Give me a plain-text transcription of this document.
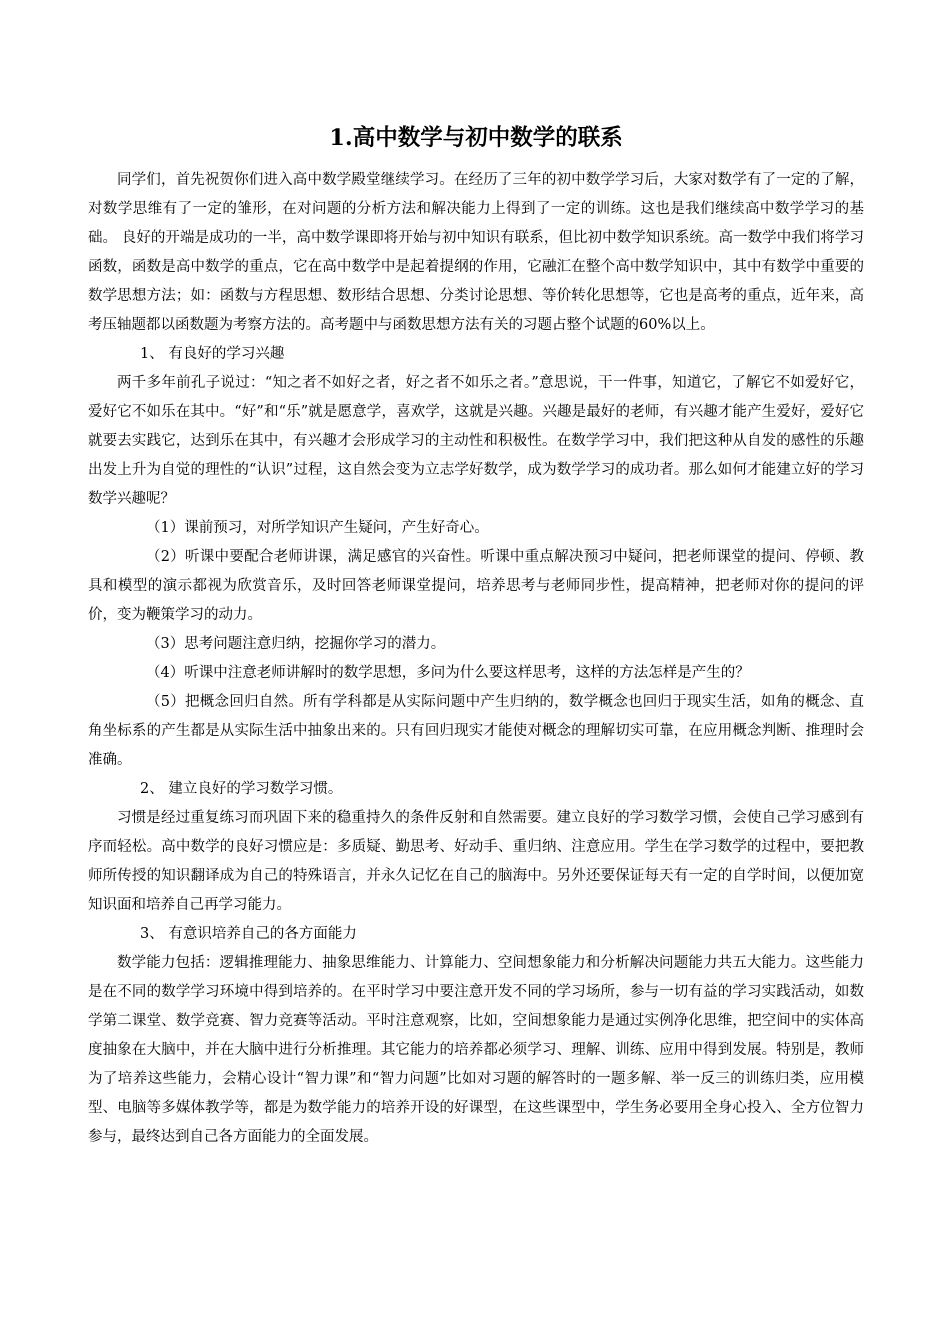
1.高中数学与初中数学的联系

同学们，首先祝贺你们进入高中数学殿堂继续学习。在经历了三年的初中数学学习后，大家对数学有了一定的了解，对数学思维有了一定的雏形，在对问题的分析方法和解决能力上得到了一定的训练。这也是我们继续高中数学学习的基础。 良好的开端是成功的一半，高中数学课即将开始与初中知识有联系，但比初中数学知识系统。高一数学中我们将学习函数，函数是高中数学的重点，它在高中数学中是起着提纲的作用，它融汇在整个高中数学知识中，其中有数学中重要的数学思想方法；如：函数与方程思想、数形结合思想、分类讨论思想、等价转化思想等，它也是高考的重点，近年来，高考压轴题都以函数题为考察方法的。高考题中与函数思想方法有关的习题占整个试题的60%以上。

1、 有良好的学习兴趣

两千多年前孔子说过：“知之者不如好之者，好之者不如乐之者。”意思说，干一件事，知道它，了解它不如爱好它，爱好它不如乐在其中。“好”和“乐”就是愿意学，喜欢学，这就是兴趣。兴趣是最好的老师，有兴趣才能产生爱好，爱好它就要去实践它，达到乐在其中，有兴趣才会形成学习的主动性和积极性。在数学学习中，我们把这种从自发的感性的乐趣出发上升为自觉的理性的“认识”过程，这自然会变为立志学好数学，成为数学学习的成功者。那么如何才能建立好的学习数学兴趣呢？

（1）课前预习，对所学知识产生疑问，产生好奇心。

（2）听课中要配合老师讲课，满足感官的兴奋性。听课中重点解决预习中疑问，把老师课堂的提问、停顿、教具和模型的演示都视为欣赏音乐，及时回答老师课堂提问，培养思考与老师同步性，提高精神，把老师对你的提问的评价，变为鞭策学习的动力。

（3）思考问题注意归纳，挖掘你学习的潜力。

（4）听课中注意老师讲解时的数学思想，多问为什么要这样思考，这样的方法怎样是产生的？

（5）把概念回归自然。所有学科都是从实际问题中产生归纳的，数学概念也回归于现实生活，如角的概念、直角坐标系的产生都是从实际生活中抽象出来的。只有回归现实才能使对概念的理解切实可靠，在应用概念判断、推理时会准确。

2、 建立良好的学习数学习惯。

习惯是经过重复练习而巩固下来的稳重持久的条件反射和自然需要。建立良好的学习数学习惯，会使自己学习感到有序而轻松。高中数学的良好习惯应是：多质疑、勤思考、好动手、重归纳、注意应用。学生在学习数学的过程中，要把教师所传授的知识翻译成为自己的特殊语言，并永久记忆在自己的脑海中。另外还要保证每天有一定的自学时间，以便加宽知识面和培养自己再学习能力。

3、 有意识培养自己的各方面能力

数学能力包括：逻辑推理能力、抽象思维能力、计算能力、空间想象能力和分析解决问题能力共五大能力。这些能力是在不同的数学学习环境中得到培养的。在平时学习中要注意开发不同的学习场所，参与一切有益的学习实践活动，如数学第二课堂、数学竞赛、智力竞赛等活动。平时注意观察，比如，空间想象能力是通过实例净化思维，把空间中的实体高度抽象在大脑中，并在大脑中进行分析推理。其它能力的培养都必须学习、理解、训练、应用中得到发展。特别是，教师为了培养这些能力，会精心设计“智力课”和“智力问题”比如对习题的解答时的一题多解、举一反三的训练归类，应用模型、电脑等多媒体教学等，都是为数学能力的培养开设的好课型，在这些课型中，学生务必要用全身心投入、全方位智力参与，最终达到自己各方面能力的全面发展。
